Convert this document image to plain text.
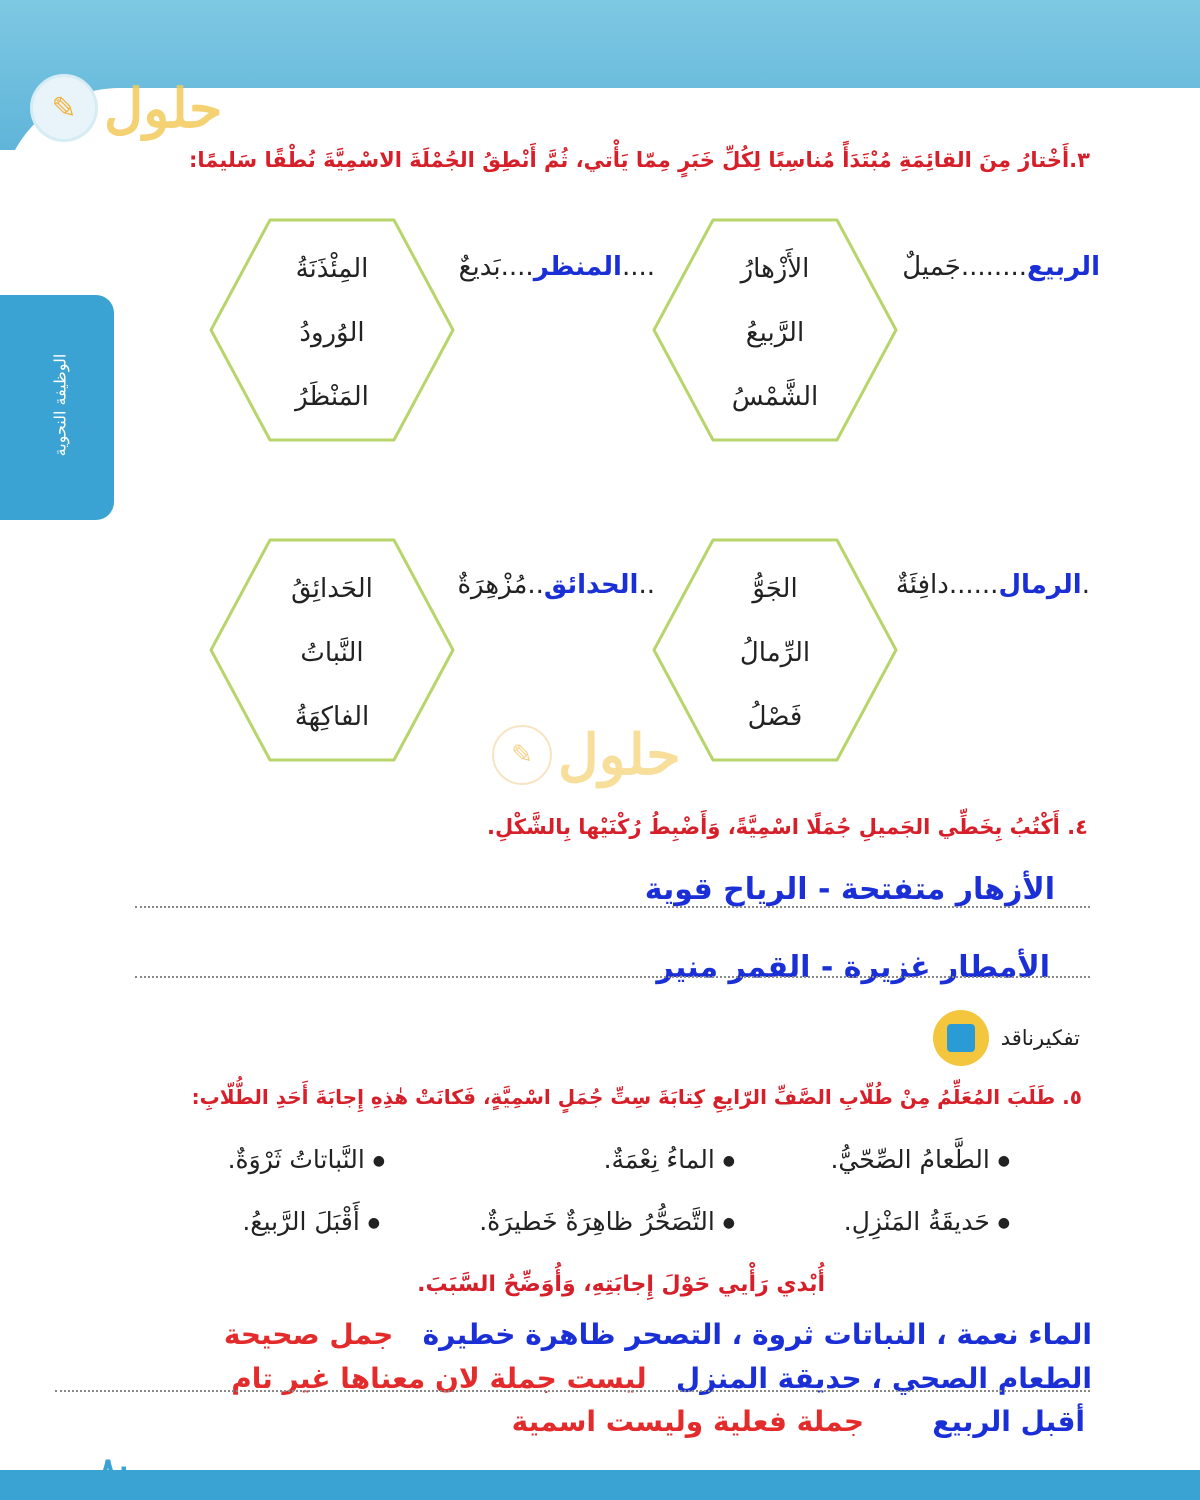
✎ حلول
الوظيفة النحوية
٣.أَخْتارُ مِنَ القائِمَةِ مُبْتَدَأً مُناسِبًا لِكُلِّ خَبَرٍ مِمّا يَأْتي، ثُمَّ أَنْطِقُ الجُمْلَةَ الاسْمِيَّةَ نُطْقًا سَليمًا:
الربيع........جَميلٌ
....المنظر....بَديعٌ
.الرمال......دافِئَةٌ
..الحدائق..مُزْهِرَةٌ
الأَزْهارُ
الرَّبيعُ
الشَّمْسُ
المِئْذَنَةُ
الوُرودُ
المَنْظَرُ
الجَوُّ
الرِّمالُ
فَصْلُ
الحَدائِقُ
النَّباتُ
الفاكِهَةُ
✎ حلول
٤. أَكْتُبُ بِخَطِّي الجَميلِ جُمَلًا اسْمِيَّةً، وَأَضْبِطُ رُكْنَيْها بِالشَّكْلِ.
الأزهار متفتحة - الرياح قوية
الأمطار غزيرة - القمر منير
تفكيرناقد
٥. طَلَبَ المُعَلِّمُ مِنْ طُلّابِ الصَّفِّ الرّابِعِ كِتابَةَ سِتِّ جُمَلٍ اسْمِيَّةٍ، فَكانَتْ هٰذِهِ إِجابَةَ أَحَدِ الطُّلّابِ:
● الطَّعامُ الصِّحّيُّ.
● الماءُ نِعْمَةٌ.
● النَّباتاتُ ثَرْوَةٌ.
● حَديقَةُ المَنْزِلِ.
● التَّصَحُّرُ ظاهِرَةٌ خَطيرَةٌ.
● أَقْبَلَ الرَّبيعُ.
أُبْدي رَأْيي حَوْلَ إِجابَتِهِ، وَأُوَضِّحُ السَّبَبَ.
الماء نعمة ، النباتات ثروة ، التصحر ظاهرة خطيرة   جمل صحيحة
الطعام الصحي ، حديقة المنزل   ليست جملة لان معناها غير تام
أقبل الربيع       جملة فعلية وليست اسمية
٨٠
